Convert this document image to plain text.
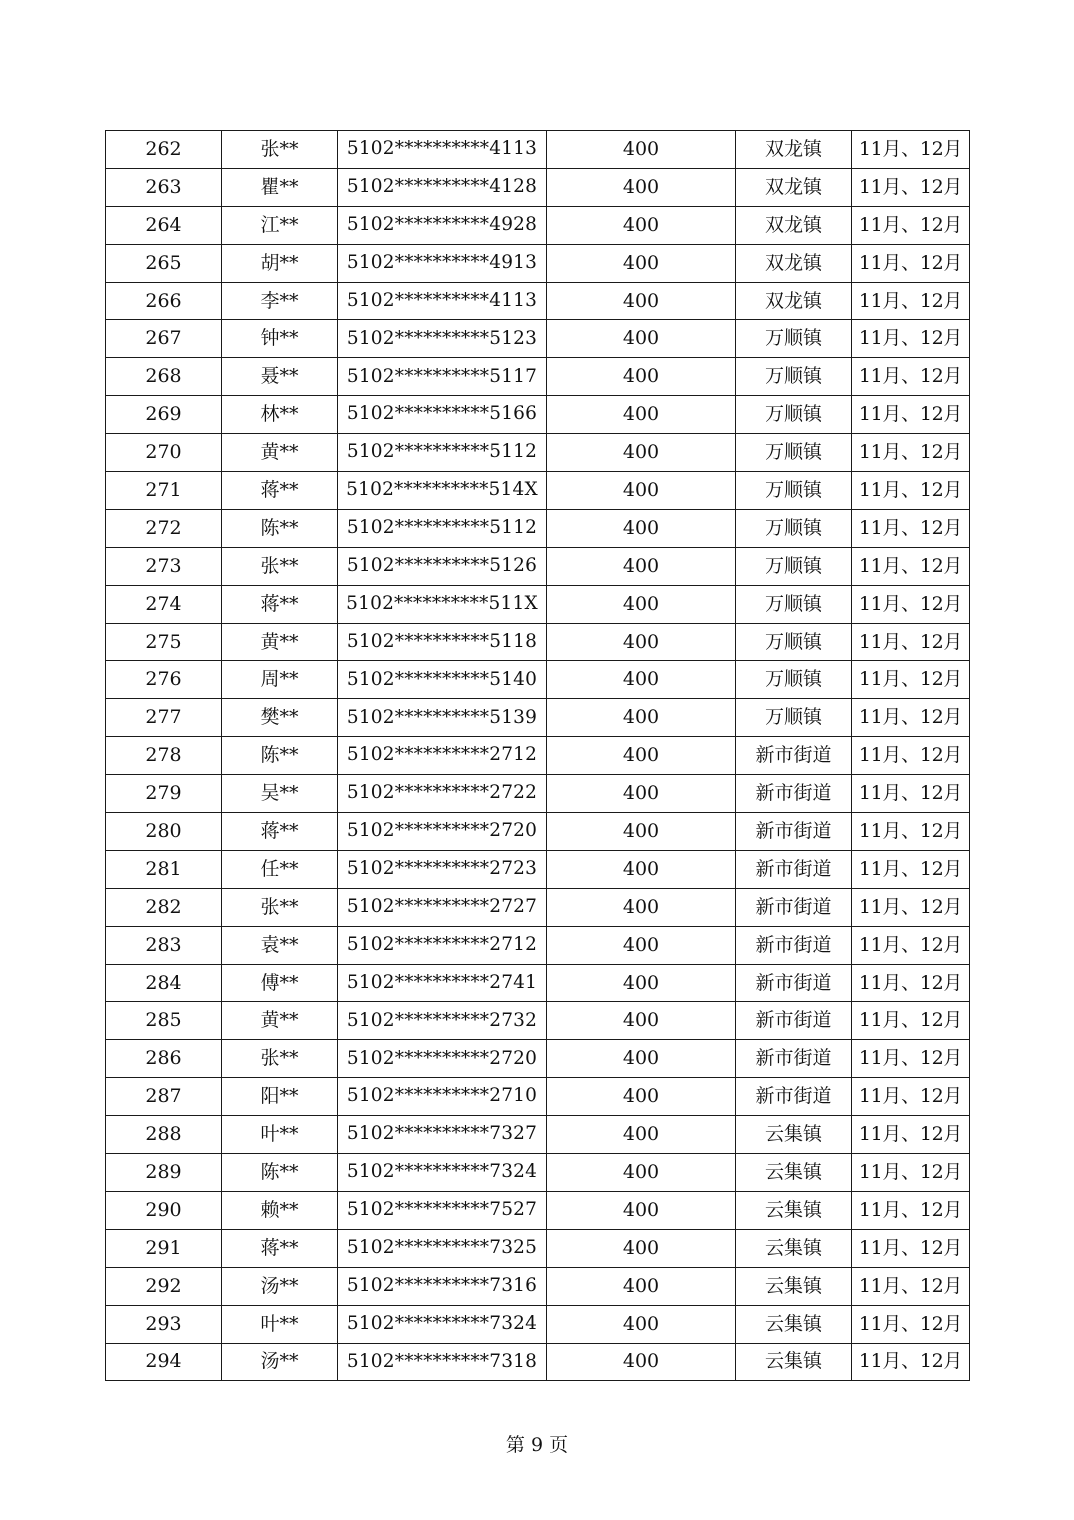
262	张**	5102**********4113	400	双龙镇	11月、12月
263	瞿**	5102**********4128	400	双龙镇	11月、12月
264	江**	5102**********4928	400	双龙镇	11月、12月
265	胡**	5102**********4913	400	双龙镇	11月、12月
266	李**	5102**********4113	400	双龙镇	11月、12月
267	钟**	5102**********5123	400	万顺镇	11月、12月
268	聂**	5102**********5117	400	万顺镇	11月、12月
269	林**	5102**********5166	400	万顺镇	11月、12月
270	黄**	5102**********5112	400	万顺镇	11月、12月
271	蒋**	5102**********514X	400	万顺镇	11月、12月
272	陈**	5102**********5112	400	万顺镇	11月、12月
273	张**	5102**********5126	400	万顺镇	11月、12月
274	蒋**	5102**********511X	400	万顺镇	11月、12月
275	黄**	5102**********5118	400	万顺镇	11月、12月
276	周**	5102**********5140	400	万顺镇	11月、12月
277	樊**	5102**********5139	400	万顺镇	11月、12月
278	陈**	5102**********2712	400	新市街道	11月、12月
279	吴**	5102**********2722	400	新市街道	11月、12月
280	蒋**	5102**********2720	400	新市街道	11月、12月
281	任**	5102**********2723	400	新市街道	11月、12月
282	张**	5102**********2727	400	新市街道	11月、12月
283	袁**	5102**********2712	400	新市街道	11月、12月
284	傅**	5102**********2741	400	新市街道	11月、12月
285	黄**	5102**********2732	400	新市街道	11月、12月
286	张**	5102**********2720	400	新市街道	11月、12月
287	阳**	5102**********2710	400	新市街道	11月、12月
288	叶**	5102**********7327	400	云集镇	11月、12月
289	陈**	5102**********7324	400	云集镇	11月、12月
290	赖**	5102**********7527	400	云集镇	11月、12月
291	蒋**	5102**********7325	400	云集镇	11月、12月
292	汤**	5102**********7316	400	云集镇	11月、12月
293	叶**	5102**********7324	400	云集镇	11月、12月
294	汤**	5102**********7318	400	云集镇	11月、12月
第 9 页
